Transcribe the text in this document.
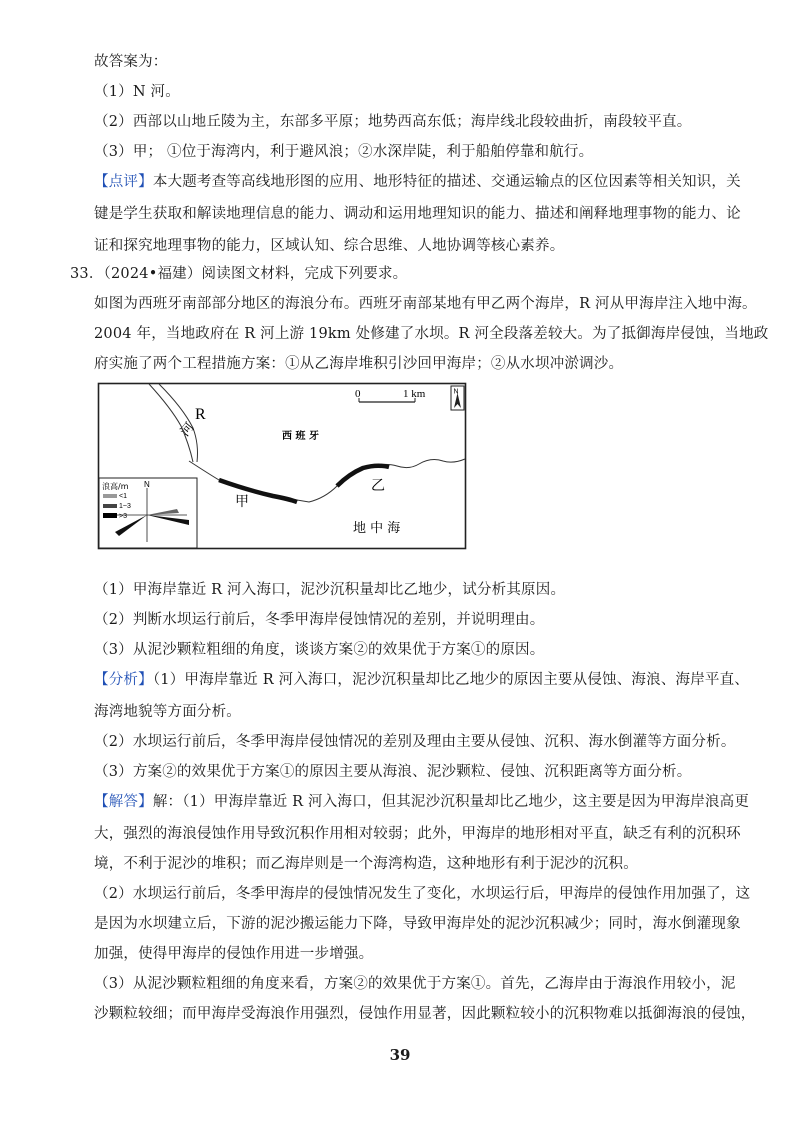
故答案为：
（1）N 河。
（2）西部以山地丘陵为主，东部多平原；地势西高东低；海岸线北段较曲折，南段较平直。
（3）甲； ①位于海湾内，利于避风浪；②水深岸陡，利于船舶停靠和航行。
【点评】本大题考查等高线地形图的应用、地形特征的描述、交通运输点的区位因素等相关知识，关
键是学生获取和解读地理信息的能力、调动和运用地理知识的能力、描述和阐释地理事物的能力、论
证和探究地理事物的能力，区域认知、综合思维、人地协调等核心素养。
33．（2024•福建）阅读图文材料，完成下列要求。
如图为西班牙南部部分地区的海浪分布。西班牙南部某地有甲乙两个海岸，R 河从甲海岸注入地中海。
2004 年，当地政府在 R 河上游 19km 处修建了水坝。R 河全段落差较大。为了抵御海岸侵蚀，当地政
府实施了两个工程措施方案：①从乙海岸堆积引沙回甲海岸；②从水坝冲淤调沙。
R
河	西 班 牙
甲
乙
地 中 海
0	1 km	N
浪高/m
<1
1~3
>3
N
（1）甲海岸靠近 R 河入海口，泥沙沉积量却比乙地少，试分析其原因。
（2）判断水坝运行前后，冬季甲海岸侵蚀情况的差别，并说明理由。
（3）从泥沙颗粒粗细的角度，谈谈方案②的效果优于方案①的原因。
【分析】（1）甲海岸靠近 R 河入海口，泥沙沉积量却比乙地少的原因主要从侵蚀、海浪、海岸平直、
海湾地貌等方面分析。
（2）水坝运行前后，冬季甲海岸侵蚀情况的差别及理由主要从侵蚀、沉积、海水倒灌等方面分析。
（3）方案②的效果优于方案①的原因主要从海浪、泥沙颗粒、侵蚀、沉积距离等方面分析。
【解答】解：（1）甲海岸靠近 R 河入海口，但其泥沙沉积量却比乙地少，这主要是因为甲海岸浪高更
大，强烈的海浪侵蚀作用导致沉积作用相对较弱；此外，甲海岸的地形相对平直，缺乏有利的沉积环
境，不利于泥沙的堆积；而乙海岸则是一个海湾构造，这种地形有利于泥沙的沉积。
（2）水坝运行前后，冬季甲海岸的侵蚀情况发生了变化，水坝运行后，甲海岸的侵蚀作用加强了，这
是因为水坝建立后，下游的泥沙搬运能力下降，导致甲海岸处的泥沙沉积减少；同时，海水倒灌现象
加强，使得甲海岸的侵蚀作用进一步增强。
（3）从泥沙颗粒粗细的角度来看，方案②的效果优于方案①。首先，乙海岸由于海浪作用较小，泥
沙颗粒较细；而甲海岸受海浪作用强烈，侵蚀作用显著，因此颗粒较小的沉积物难以抵御海浪的侵蚀，
39
